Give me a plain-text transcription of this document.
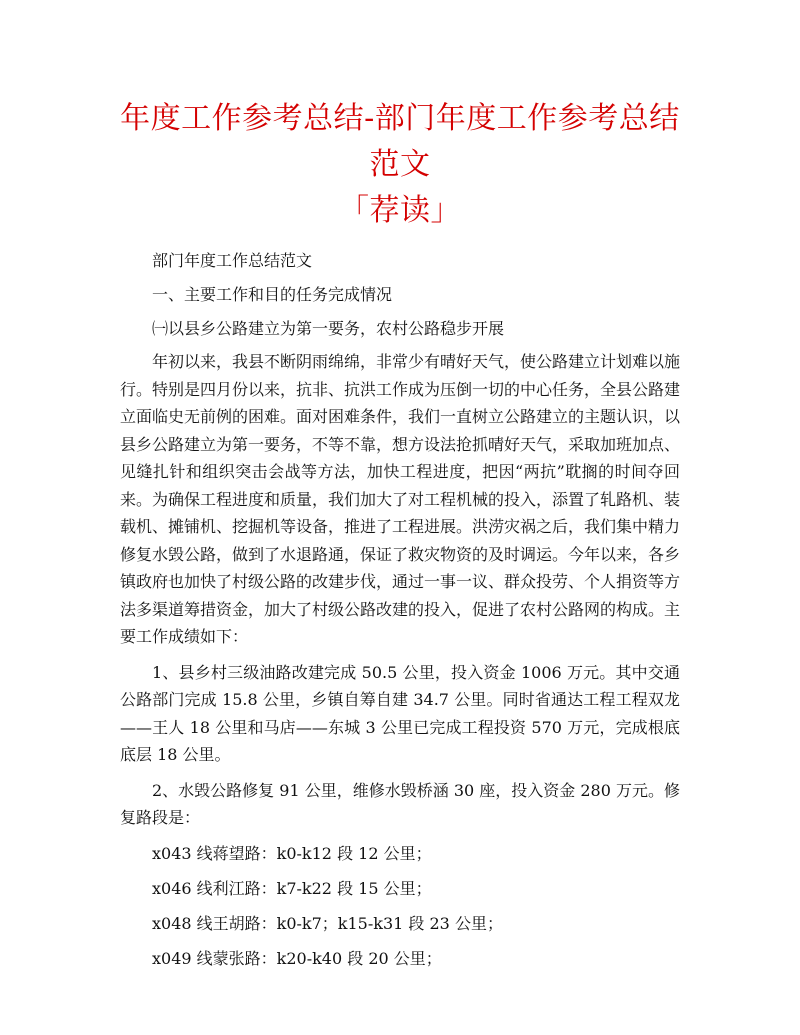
年度工作参考总结-部门年度工作参考总结范文
「荐读」

部门年度工作总结范文

一、主要工作和目的任务完成情况

㈠以县乡公路建立为第一要务，农村公路稳步开展

年初以来，我县不断阴雨绵绵，非常少有晴好天气，使公路建立计划难以施行。特别是四月份以来，抗非、抗洪工作成为压倒一切的中心任务，全县公路建立面临史无前例的困难。面对困难条件，我们一直树立公路建立的主题认识，以县乡公路建立为第一要务，不等不靠，想方设法抢抓晴好天气，采取加班加点、见缝扎针和组织突击会战等方法，加快工程进度，把因“两抗”耽搁的时间夺回来。为确保工程进度和质量，我们加大了对工程机械的投入，添置了轧路机、装载机、摊铺机、挖掘机等设备，推进了工程进展。洪涝灾祸之后，我们集中精力修复水毁公路，做到了水退路通，保证了救灾物资的及时调运。今年以来，各乡镇政府也加快了村级公路的改建步伐，通过一事一议、群众投劳、个人捐资等方法多渠道筹措资金，加大了村级公路改建的投入，促进了农村公路网的构成。主要工作成绩如下：

1、县乡村三级油路改建完成 50.5 公里，投入资金 1006 万元。其中交通公路部门完成 15.8 公里，乡镇自筹自建 34.7 公里。同时省通达工程工程双龙——王人 18 公里和马店——东城 3 公里已完成工程投资 570 万元，完成根底底层 18 公里。

2、水毁公路修复 91 公里，维修水毁桥涵 30 座，投入资金 280 万元。修复路段是：

x043 线蒋望路：k0-k12 段 12 公里；

x046 线利江路：k7-k22 段 15 公里；

x048 线王胡路：k0-k7；k15-k31 段 23 公里；

x049 线蒙张路：k20-k40 段 20 公里；
